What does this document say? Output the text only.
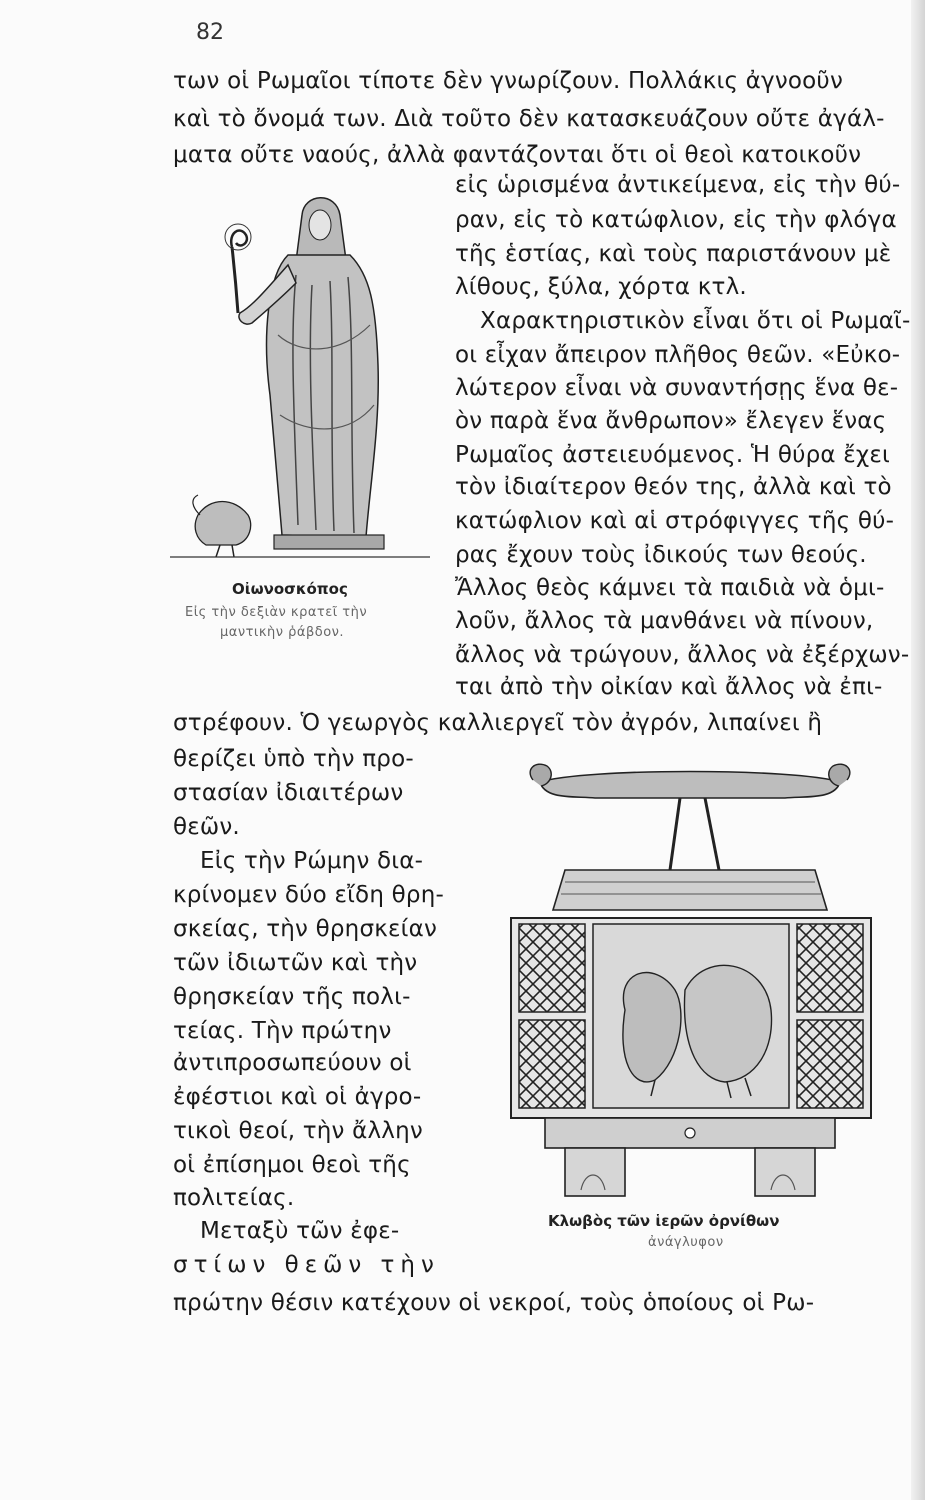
82
των οἱ Ρωμαῖοι τίποτε δὲν γνωρίζουν. Πολλάκις ἀγνοοῦν
καὶ τὸ ὄνομά των. Διὰ τοῦτο δὲν κατασκευάζουν οὔτε ἀγάλ-
ματα οὔτε ναούς, ἀλλὰ φαντάζονται ὅτι οἱ θεοὶ κατοικοῦν
εἰς ὡρισμένα ἀντικείμενα, εἰς τὴν θύ-
ραν, εἰς τὸ κατώφλιον, εἰς τὴν φλόγα
τῆς ἑστίας, καὶ τοὺς παριστάνουν μὲ
λίθους, ξύλα, χόρτα κτλ.
Χαρακτηριστικὸν εἶναι ὅτι οἱ Ρωμαῖ-
οι εἶχαν ἄπειρον πλῆθος θεῶν. «Εὐκο-
λώτερον εἶναι νὰ συναντήσῃς ἕνα θε-
ὸν παρὰ ἕνα ἄνθρωπον» ἔλεγεν ἕνας
Ρωμαῖος ἀστειευόμενος. Ἡ θύρα ἔχει
τὸν ἰδιαίτερον θεόν της, ἀλλὰ καὶ τὸ
κατώφλιον καὶ αἱ στρόφιγγες τῆς θύ-
ρας ἔχουν τοὺς ἰδικούς των θεούς.
Ἄλλος θεὸς κάμνει τὰ παιδιὰ νὰ ὁμι-
λοῦν, ἄλλος τὰ μανθάνει νὰ πίνουν,
ἄλλος νὰ τρώγουν, ἄλλος νὰ ἐξέρχων-
ται ἀπὸ τὴν οἰκίαν καὶ ἄλλος νὰ ἐπι-
στρέφουν. Ὁ γεωργὸς καλλιεργεῖ τὸν ἀγρόν, λιπαίνει ἢ
θερίζει ὑπὸ τὴν προ-
στασίαν ἰδιαιτέρων
θεῶν.
Εἰς τὴν Ρώμην δια-
κρίνομεν δύο εἴδη θρη-
σκείας, τὴν θρησκείαν
τῶν ἰδιωτῶν καὶ τὴν
θρησκείαν τῆς πολι-
τείας. Τὴν πρώτην
ἀντιπροσωπεύουν οἱ
ἐφέστιοι καὶ οἱ ἀγρο-
τικοὶ θεοί, τὴν ἄλλην
οἱ ἐπίσημοι θεοὶ τῆς
πολιτείας.
Μεταξὺ τῶν ἐφε-
στίων θεῶν τὴν
πρώτην θέσιν κατέχουν οἱ νεκροί, τοὺς ὁποίους οἱ Ρω-
Οἰωνοσκόπος
Εἰς τὴν δεξιὰν κρατεῖ τὴν
μαντικὴν ῥάβδον.
Κλωβὸς τῶν ἱερῶν ὀρνίθων
ἀνάγλυφον
